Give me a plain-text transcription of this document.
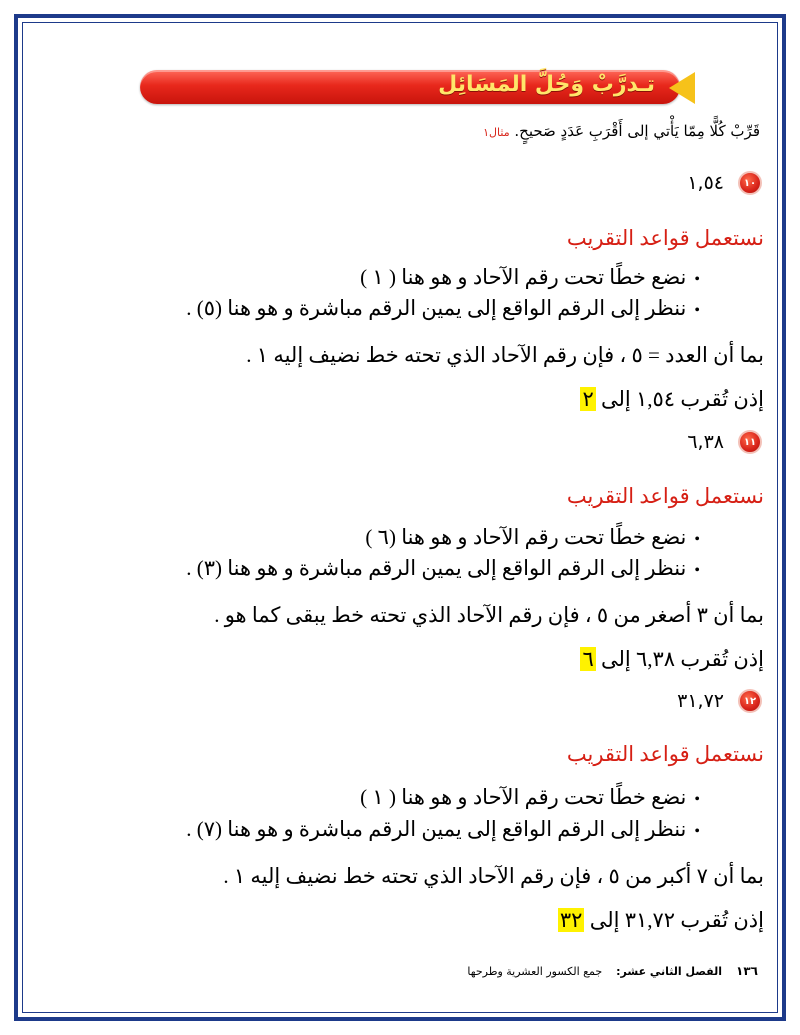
تـدرَّبْ وَحُلَّ المَسَائِل
قَرِّبْ كُلًّا مِمّا يَأْتي إلى أَقْرَبِ عَدَدٍ صَحيحٍ. مثال١
١٠
١,٥٤
نستعمل قواعد التقريب
• نضع خطًا تحت رقم الآحاد و هو هنا ( ١ )
• ننظر إلى الرقم الواقع إلى يمين الرقم مباشرة و هو هنا (٥) .
بما أن العدد = ٥ ، فإن رقم الآحاد الذي تحته خط نضيف إليه ١ .
إذن تُقرب ١,٥٤ إلى ٢
١١
٦,٣٨
نستعمل قواعد التقريب
• نضع خطًا تحت رقم الآحاد و هو هنا (٦ )
• ننظر إلى الرقم الواقع إلى يمين الرقم مباشرة و هو هنا (٣) .
بما أن ٣ أصغر من ٥ ، فإن رقم الآحاد الذي تحته خط يبقى كما هو .
إذن تُقرب ٦,٣٨ إلى ٦
١٢
٣١,٧٢
نستعمل قواعد التقريب
• نضع خطًا تحت رقم الآحاد و هو هنا ( ١ )
• ننظر إلى الرقم الواقع إلى يمين الرقم مباشرة و هو هنا (٧) .
بما أن ٧ أكبر من ٥ ، فإن رقم الآحاد الذي تحته خط نضيف إليه ١ .
إذن تُقرب ٣١,٧٢ إلى ٣٢
١٣٦
الفصل الثاني عشر:
جمع الكسور العشرية وطرحها
